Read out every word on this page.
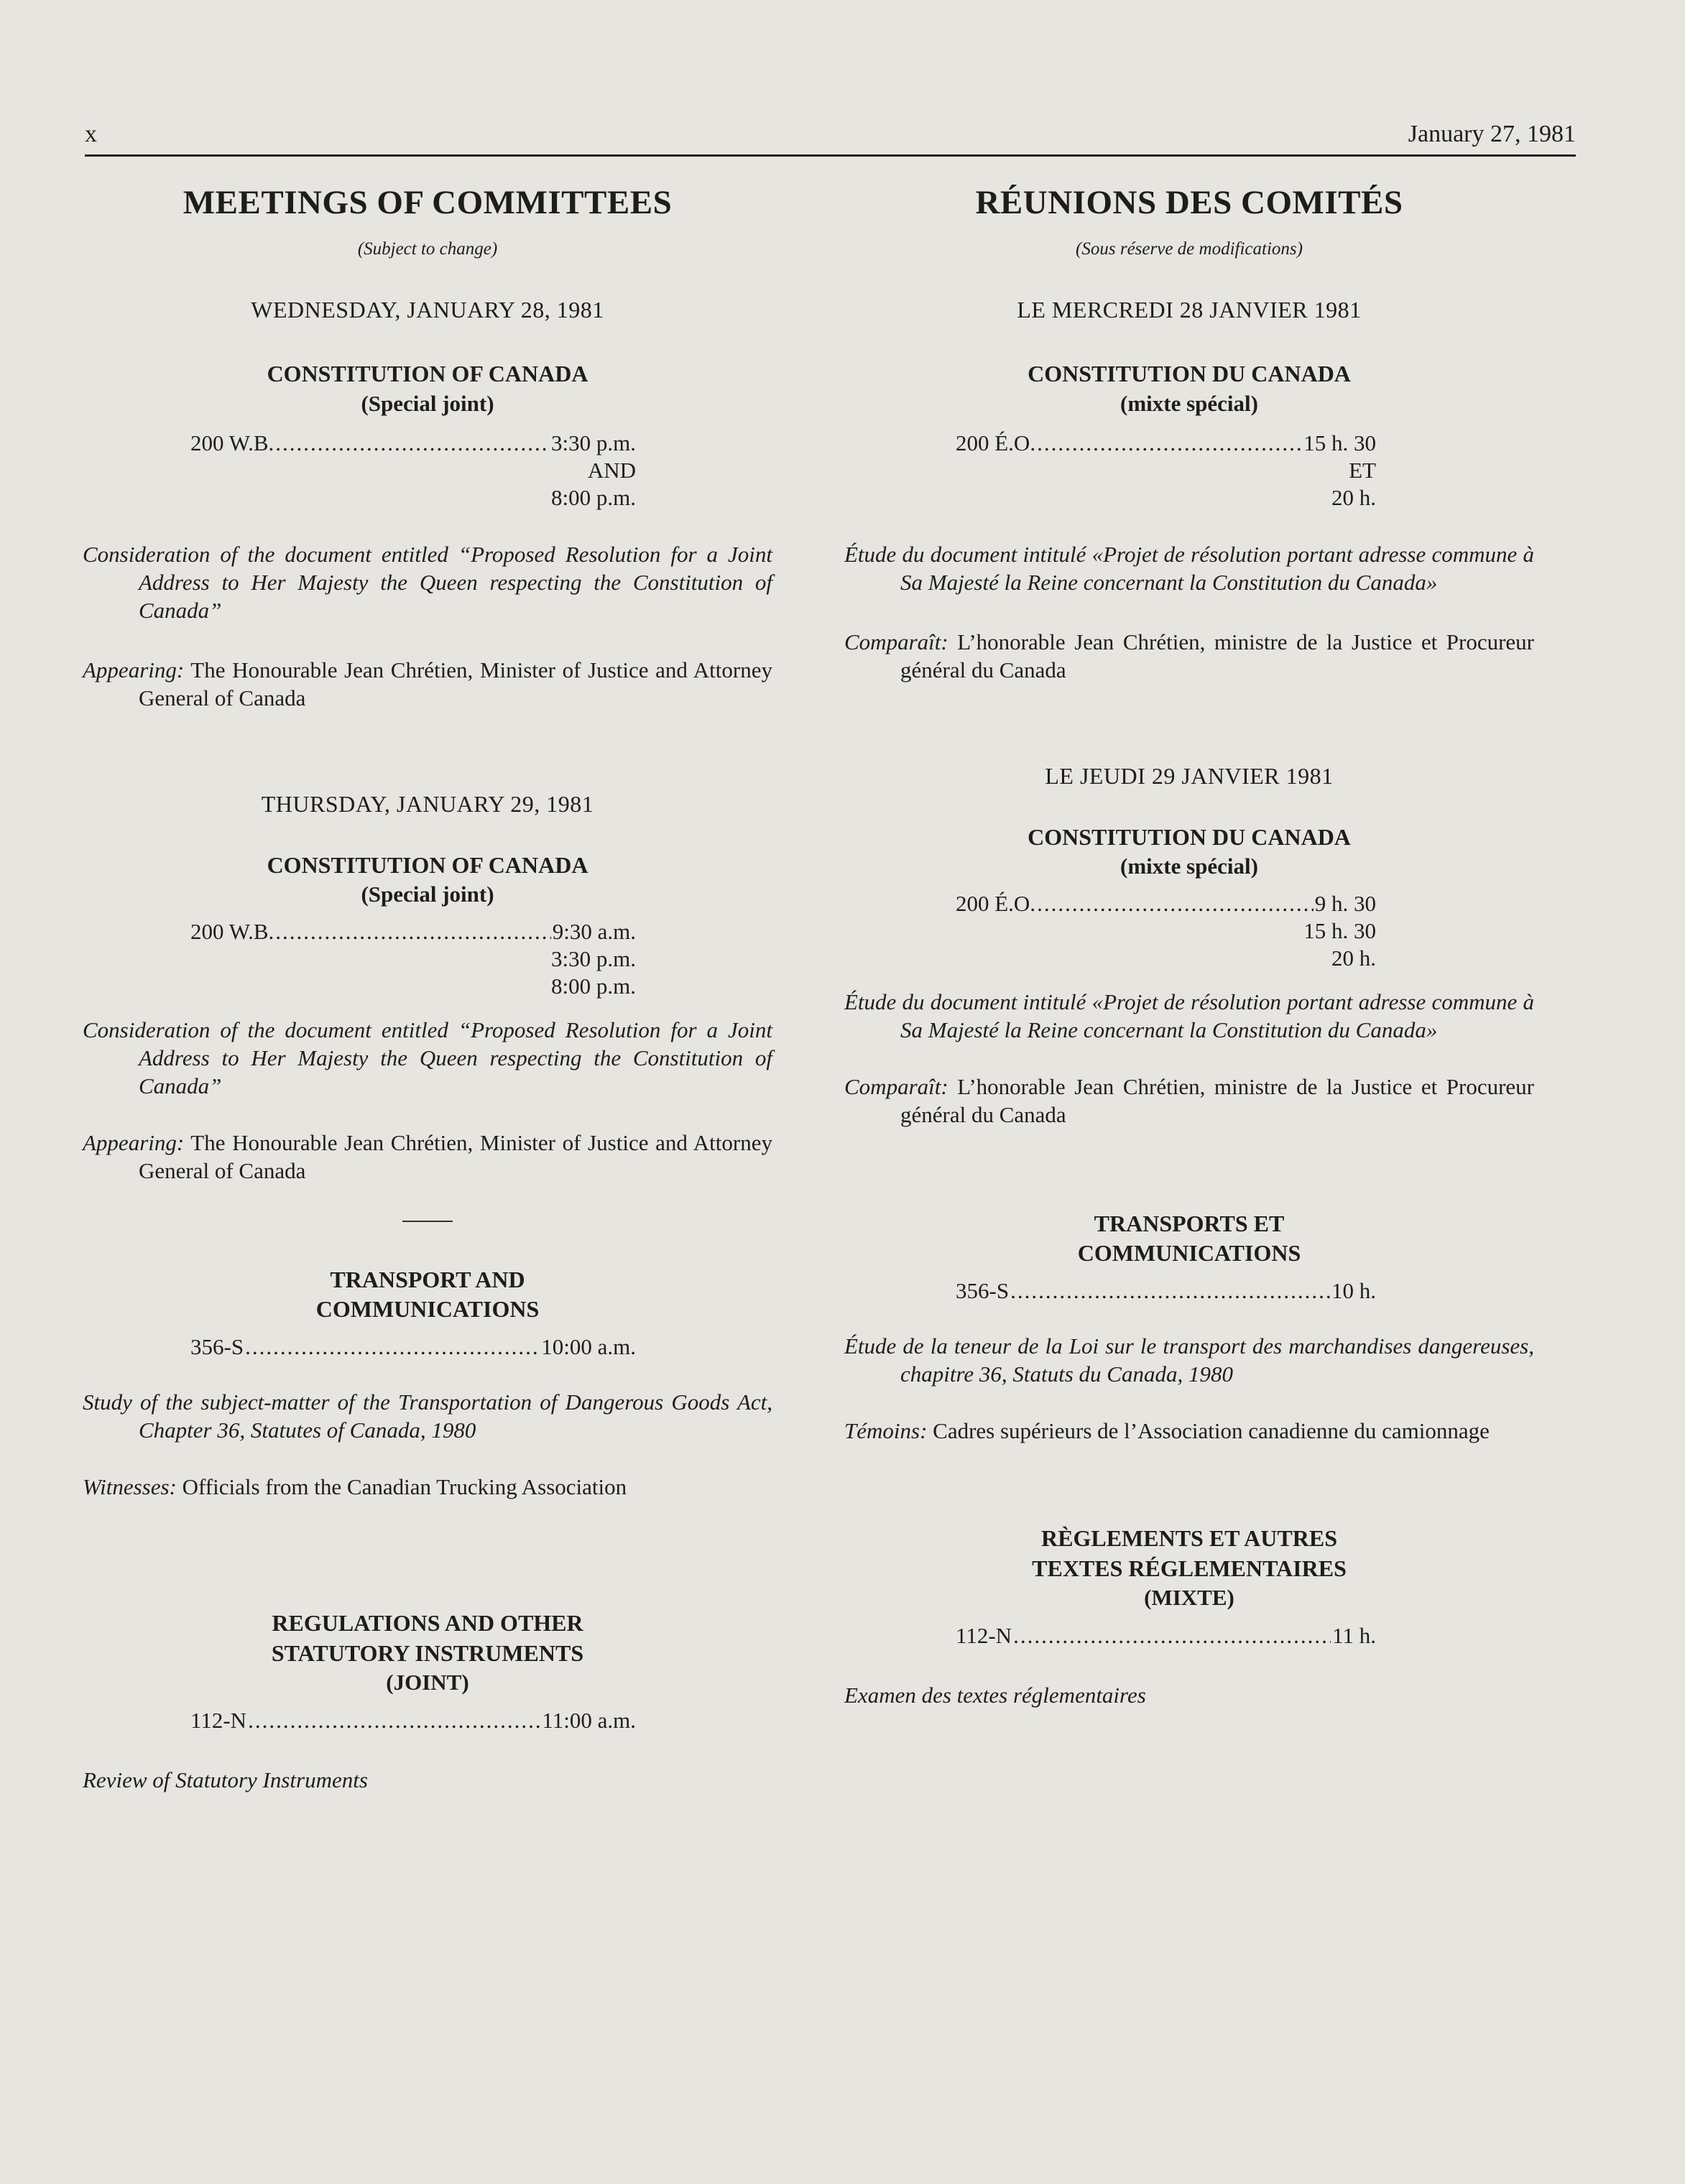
x	January 27, 1981
MEETINGS OF COMMITTEES
(Subject to change)
WEDNESDAY, JANUARY 28, 1981
CONSTITUTION OF CANADA
(Special joint)
200 W.B. .....	3:30 p.m.
AND
8:00 p.m.

Consideration of the document entitled “Proposed Resolution for a Joint Address to Her Majesty the Queen respecting the Constitution of Canada”

Appearing: The Honourable Jean Chrétien, Minister of Justice and Attorney General of Canada

THURSDAY, JANUARY 29, 1981
CONSTITUTION OF CANADA
(Special joint)
200 W.B. .....	9:30 a.m.
3:30 p.m.
8:00 p.m.

Consideration of the document entitled “Proposed Resolution for a Joint Address to Her Majesty the Queen respecting the Constitution of Canada”

Appearing: The Honourable Jean Chrétien, Minister of Justice and Attorney General of Canada

TRANSPORT AND
COMMUNICATIONS
356-S .....	10:00 a.m.

Study of the subject-matter of the Transportation of Dangerous Goods Act, Chapter 36, Statutes of Canada, 1980

Witnesses: Officials from the Canadian Trucking Association

REGULATIONS AND OTHER
STATUTORY INSTRUMENTS
(JOINT)
112-N .....	11:00 a.m.

Review of Statutory Instruments

RÉUNIONS DES COMITÉS
(Sous réserve de modifications)
LE MERCREDI 28 JANVIER 1981
CONSTITUTION DU CANADA
(mixte spécial)
200 É.O. .....	15 h. 30
ET
20 h.

Étude du document intitulé «Projet de résolution portant adresse commune à Sa Majesté la Reine concernant la Constitution du Canada»

Comparaît: L’honorable Jean Chrétien, ministre de la Justice et Procureur général du Canada

LE JEUDI 29 JANVIER 1981
CONSTITUTION DU CANADA
(mixte spécial)
200 É.O. .....	9 h. 30
15 h. 30
20 h.

Étude du document intitulé «Projet de résolution portant adresse commune à Sa Majesté la Reine concernant la Constitution du Canada»

Comparaît: L’honorable Jean Chrétien, ministre de la Justice et Procureur général du Canada

TRANSPORTS ET
COMMUNICATIONS
356-S .....	10 h.

Étude de la teneur de la Loi sur le transport des marchandises dangereuses, chapitre 36, Statuts du Canada, 1980

Témoins: Cadres supérieurs de l’Association canadienne du camionnage

RÈGLEMENTS ET AUTRES
TEXTES RÉGLEMENTAIRES
(MIXTE)
112-N .....	11 h.

Examen des textes réglementaires
